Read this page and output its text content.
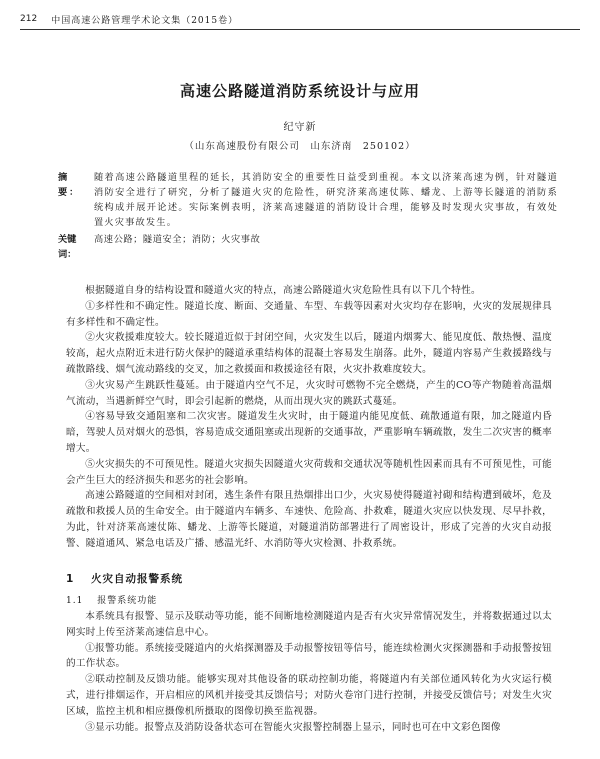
212 中国高速公路管理学术论文集（2015卷）
高速公路隧道消防系统设计与应用
纪守新
（山东高速股份有限公司　山东济南　250102）
摘　要：
随着高速公路隧道里程的延长，其消防安全的重要性日益受到重视。本文以济莱高速为例，针对隧道消防安全进行了研究，分析了隧道火灾的危险性，研究济莱高速仗陈、蟠龙、上游等长隧道的消防系统构成并展开论述。实际案例表明，济莱高速隧道的消防设计合理，能够及时发现火灾事故，有效处置火灾事故发生。
关键词：
高速公路；隧道安全；消防；火灾事故

根据隧道自身的结构设置和隧道火灾的特点，高速公路隧道火灾危险性具有以下几个特性。

①多样性和不确定性。隧道长度、断面、交通量、车型、车载等因素对火灾均存在影响，火灾的发展规律具有多样性和不确定性。

②火灾救援难度较大。较长隧道近似于封闭空间，火灾发生以后，隧道内烟雾大、能见度低、散热慢、温度较高，起火点附近未进行防火保护的隧道承重结构体的混凝土容易发生崩落。此外，隧道内容易产生救援路线与疏散路线、烟气流动路线的交叉，加之救援面和救援途径有限，火灾扑救难度较大。

③火灾易产生跳跃性蔓延。由于隧道内空气不足，火灾时可燃物不完全燃烧，产生的CO等产物随着高温烟气流动，当遇新鲜空气时，即会引起新的燃烧，从而出现火灾的跳跃式蔓延。

④容易导致交通阻塞和二次灾害。隧道发生火灾时，由于隧道内能见度低、疏散通道有限，加之隧道内昏暗，驾驶人员对烟火的恐惧，容易造成交通阻塞或出现新的交通事故，严重影响车辆疏散，发生二次灾害的概率增大。

⑤火灾损失的不可预见性。隧道火灾损失因隧道火灾荷载和交通状况等随机性因素而具有不可预见性，可能会产生巨大的经济损失和恶劣的社会影响。

高速公路隧道的空间相对封闭，逃生条件有限且热烟排出口少，火灾易使得隧道衬砌和结构遭到破坏，危及疏散和救援人员的生命安全。由于隧道内车辆多、车速快、危险高、扑救难，隧道火灾应以快发现、尽早扑救，为此，针对济莱高速仗陈、蟠龙、上游等长隧道，对隧道消防部署进行了周密设计，形成了完善的火灾自动报警、隧道通风、紧急电话及广播、感温光纤、水消防等火灾检测、扑救系统。

1 火灾自动报警系统
1.1 报警系统功能

本系统具有报警、显示及联动等功能，能不间断地检测隧道内是否有火灾异常情况发生，并将数据通过以太网实时上传至济莱高速信息中心。

①报警功能。系统接受隧道内的火焰探测器及手动报警按钮等信号，能连续检测火灾探测器和手动报警按钮的工作状态。

②联动控制及反馈功能。能够实现对其他设备的联动控制功能，将隧道内有关部位通风转化为火灾运行模式，进行排烟运作，开启相应的风机并接受其反馈信号；对防火卷帘门进行控制，并接受反馈信号；对发生火灾区域，监控主机和相应摄像机所摄取的图像切换至监视器。

③显示功能。报警点及消防设备状态可在智能火灾报警控制器上显示，同时也可在中文彩色图像
